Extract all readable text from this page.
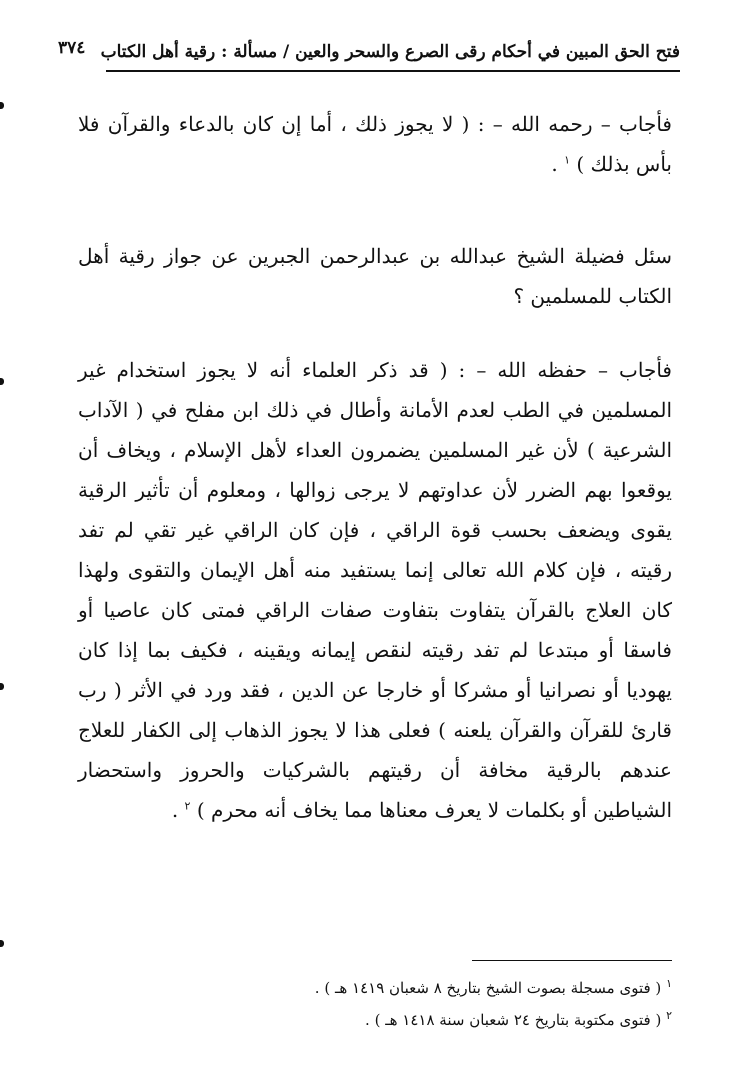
٣٧٤ فتح الحق المبين في أحكام رقى الصرع والسحر والعين / مسألة : رقية أهل الكتاب

فأجاب – رحمه الله – : ( لا يجوز ذلك ، أما إن كان بالدعاء والقرآن فلا بأس بذلك ) $^١$ .

سئل فضيلة الشيخ عبدالله بن عبدالرحمن الجبرين عن جواز رقية أهل الكتاب للمسلمين ؟

فأجاب – حفظه الله – : ( قد ذكر العلماء أنه لا يجوز استخدام غير المسلمين في الطب لعدم الأمانة وأطال في ذلك ابن مفلح في ( الآداب الشرعية ) لأن غير المسلمين يضمرون العداء لأهل الإسلام ، ويخاف أن يوقعوا بهم الضرر لأن عداوتهم لا يرجى زوالها ، ومعلوم أن تأثير الرقية يقوى ويضعف بحسب قوة الراقي ، فإن كان الراقي غير تقي لم تفد رقيته ، فإن كلام الله تعالى إنما يستفيد منه أهل الإيمان والتقوى ولهذا كان العلاج بالقرآن يتفاوت بتفاوت صفات الراقي فمتى كان عاصيا أو فاسقا أو مبتدعا لم تفد رقيته لنقص إيمانه ويقينه ، فكيف بما إذا كان يهوديا أو نصرانيا أو مشركا أو خارجا عن الدين ، فقد ورد في الأثر ( رب قارئ للقرآن والقرآن يلعنه ) فعلى هذا لا يجوز الذهاب إلى الكفار للعلاج عندهم بالرقية مخافة أن رقيتهم بالشركيات والحروز واستحضار الشياطين أو بكلمات لا يعرف معناها مما يخاف أنه محرم ) $^٢$ .

$^١$ ( فتوى مسجلة بصوت الشيخ بتاريخ ٨ شعبان ١٤١٩ هـ ) .

$^٢$ ( فتوى مكتوبة بتاريخ ٢٤ شعبان سنة ١٤١٨ هـ ) .
